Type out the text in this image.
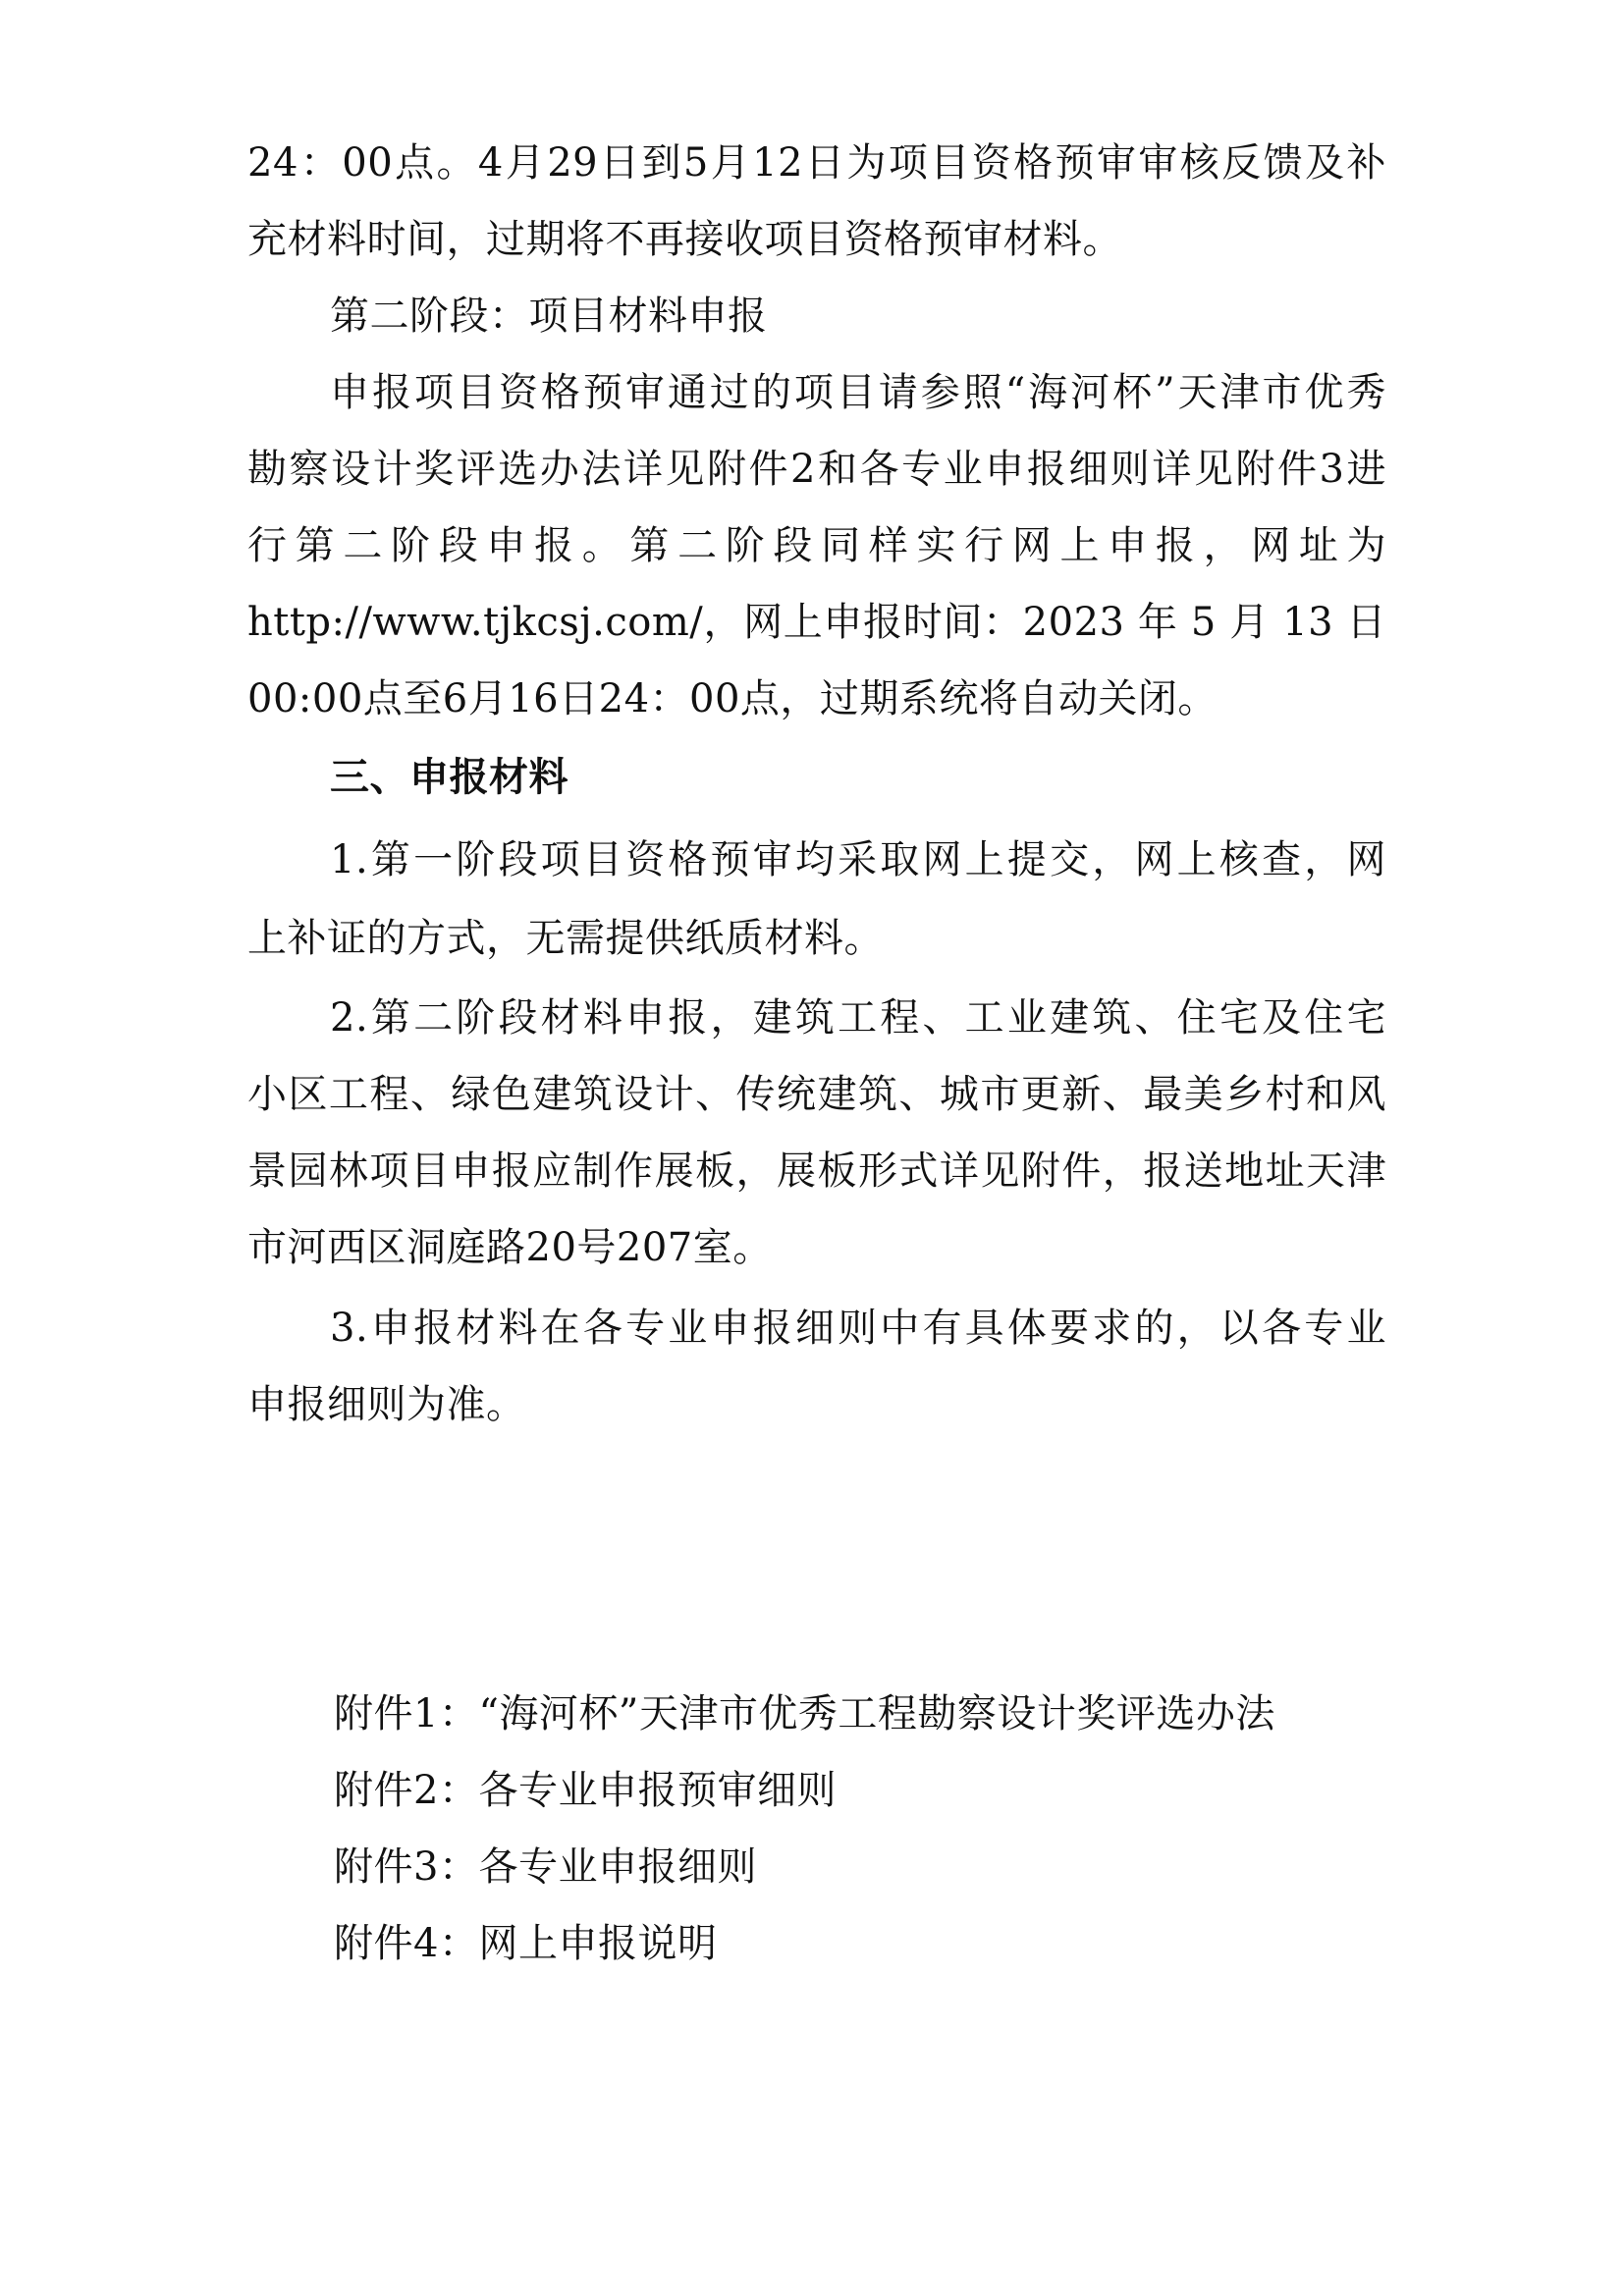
24：00点。4月29日到5月12日为项目资格预审审核反馈及补
充材料时间，过期将不再接收项目资格预审材料。
第二阶段：项目材料申报
申报项目资格预审通过的项目请参照“海河杯”天津市优秀
勘察设计奖评选办法详见附件2和各专业申报细则详见附件3进
行第二阶段申报。第二阶段同样实行网上申报，网址为
http://www.tjkcsj.com/，网上申报时间：2023 年 5 月 13 日
00:00点至6月16日24：00点，过期系统将自动关闭。
三、申报材料
1.第一阶段项目资格预审均采取网上提交，网上核查，网
上补证的方式，无需提供纸质材料。
2.第二阶段材料申报，建筑工程、工业建筑、住宅及住宅
小区工程、绿色建筑设计、传统建筑、城市更新、最美乡村和风
景园林项目申报应制作展板，展板形式详见附件，报送地址天津
市河西区洞庭路20号207室。
3.申报材料在各专业申报细则中有具体要求的，以各专业
申报细则为准。
附件1：“海河杯”天津市优秀工程勘察设计奖评选办法
附件2：各专业申报预审细则
附件3：各专业申报细则
附件4：网上申报说明
